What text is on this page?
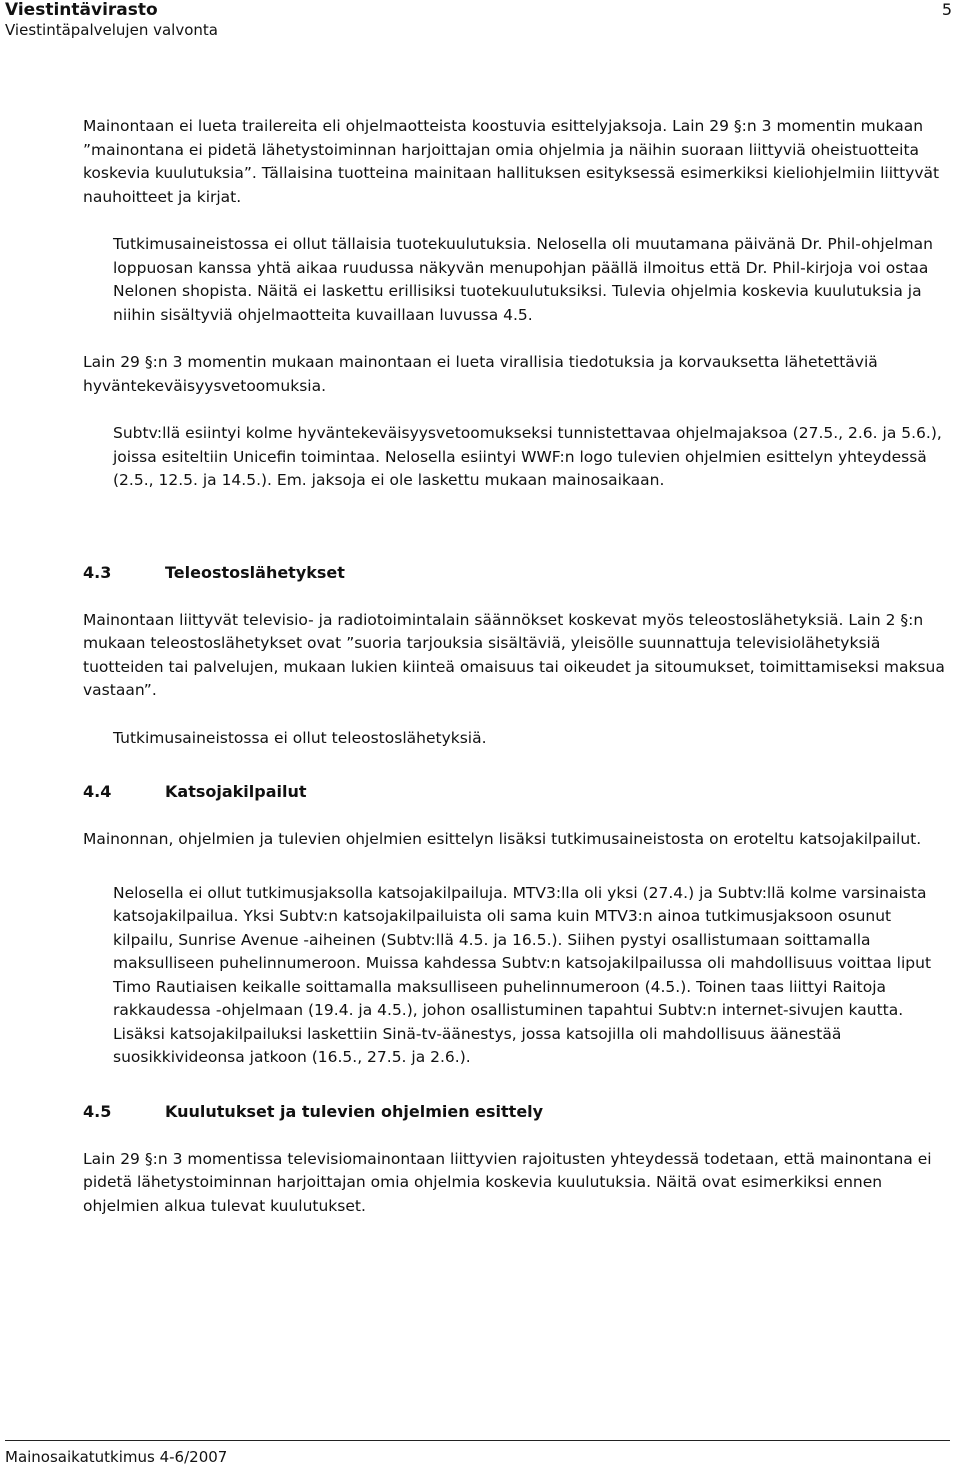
Viestintävirasto
Viestintäpalvelujen valvonta
5

Mainontaan ei lueta trailereita eli ohjelmaotteista koostuvia esittelyjaksoja. Lain 29 §:n 3 momentin mukaan ”mainontana ei pidetä lähetystoiminnan harjoittajan omia ohjelmia ja näihin suoraan liittyviä oheistuotteita koskevia kuulutuksia”. Tällaisina tuotteina mainitaan hallituksen esityksessä esimerkiksi kieliohjelmiin liittyvät nauhoitteet ja kirjat.

Tutkimusaineistossa ei ollut tällaisia tuotekuulutuksia. Nelosella oli muutamana päivänä Dr. Phil-ohjelman loppuosan kanssa yhtä aikaa ruudussa näkyvän menupohjan päällä ilmoitus että Dr. Phil-kirjoja voi ostaa Nelonen shopista. Näitä ei laskettu erillisiksi tuotekuulutuksiksi. Tulevia ohjelmia koskevia kuulutuksia ja niihin sisältyviä ohjelmaotteita kuvaillaan luvussa 4.5.

Lain 29 §:n 3 momentin mukaan mainontaan ei lueta virallisia tiedotuksia ja korvauksetta lähetettäviä hyväntekeväisyysvetoomuksia.

Subtv:llä esiintyi kolme hyväntekeväisyysvetoomukseksi tunnistettavaa ohjelmajaksoa (27.5., 2.6. ja 5.6.), joissa esiteltiin Unicefin toimintaa. Nelosella esiintyi WWF:n logo tulevien ohjelmien esittelyn yhteydessä (2.5., 12.5. ja 14.5.). Em. jaksoja ei ole laskettu mukaan mainosaikaan.

4.3	Teleostoslähetykset

Mainontaan liittyvät televisio- ja radiotoimintalain säännökset koskevat myös teleostoslähetyksiä. Lain 2 §:n mukaan teleostoslähetykset ovat ”suoria tarjouksia sisältäviä, yleisölle suunnattuja televisiolähetyksiä tuotteiden tai palvelujen, mukaan lukien kiinteä omaisuus tai oikeudet ja sitoumukset, toimittamiseksi maksua vastaan”.

Tutkimusaineistossa ei ollut teleostoslähetyksiä.

4.4	Katsojakilpailut

Mainonnan, ohjelmien ja tulevien ohjelmien esittelyn lisäksi tutkimusaineistosta on eroteltu katsojakilpailut.

Nelosella ei ollut tutkimusjaksolla katsojakilpailuja. MTV3:lla oli yksi (27.4.) ja Subtv:llä kolme varsinaista katsojakilpailua. Yksi Subtv:n katsojakilpailuista oli sama kuin MTV3:n ainoa tutkimusjaksoon osunut kilpailu, Sunrise Avenue -aiheinen (Subtv:llä 4.5. ja 16.5.). Siihen pystyi osallistumaan soittamalla maksulliseen puhelinnumeroon. Muissa kahdessa Subtv:n katsojakilpailussa oli mahdollisuus voittaa liput Timo Rautiaisen keikalle soittamalla maksulliseen puhelinnumeroon (4.5.). Toinen taas liittyi Raitoja rakkaudessa -ohjelmaan (19.4. ja 4.5.), johon osallistuminen tapahtui Subtv:n internet-sivujen kautta. Lisäksi katsojakilpailuksi laskettiin Sinä-tv-äänestys, jossa katsojilla oli mahdollisuus äänestää suosikkivideonsa jatkoon (16.5., 27.5. ja 2.6.).

4.5	Kuulutukset ja tulevien ohjelmien esittely

Lain 29 §:n 3 momentissa televisiomainontaan liittyvien rajoitusten yhteydessä todetaan, että mainontana ei pidetä lähetystoiminnan harjoittajan omia ohjelmia koskevia kuulutuksia. Näitä ovat esimerkiksi ennen ohjelmien alkua tulevat kuulutukset.

Mainosaikatutkimus 4-6/2007
